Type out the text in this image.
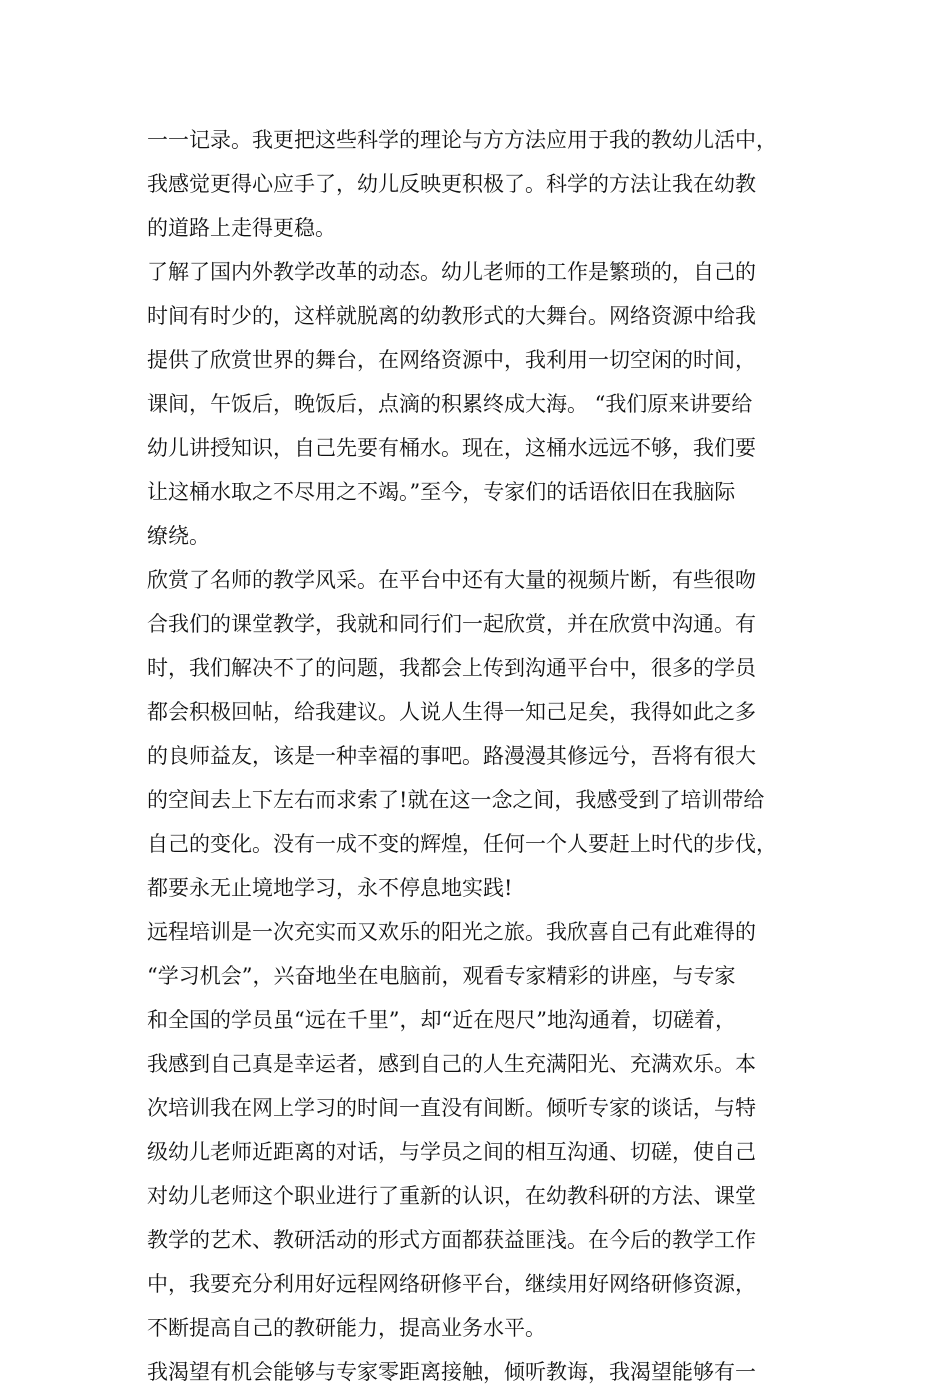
一一记录。我更把这些科学的理论与方方法应用于我的教幼儿活中，
我感觉更得心应手了，幼儿反映更积极了。科学的方法让我在幼教
的道路上走得更稳。
了解了国内外教学改革的动态。幼儿老师的工作是繁琐的，自己的
时间有时少的，这样就脱离的幼教形式的大舞台。网络资源中给我
提供了欣赏世界的舞台，在网络资源中，我利用一切空闲的时间，
课间，午饭后，晚饭后，点滴的积累终成大海。 “我们原来讲要给
幼儿讲授知识，自己先要有桶水。现在，这桶水远远不够，我们要
让这桶水取之不尽用之不竭。”至今，专家们的话语依旧在我脑际
缭绕。
欣赏了名师的教学风采。在平台中还有大量的视频片断，有些很吻
合我们的课堂教学，我就和同行们一起欣赏，并在欣赏中沟通。有
时，我们解决不了的问题，我都会上传到沟通平台中，很多的学员
都会积极回帖，给我建议。人说人生得一知己足矣，我得如此之多
的良师益友，该是一种幸福的事吧。路漫漫其修远兮，吾将有很大
的空间去上下左右而求索了!就在这一念之间，我感受到了培训带给
自己的变化。没有一成不变的辉煌，任何一个人要赶上时代的步伐，
都要永无止境地学习，永不停息地实践!
远程培训是一次充实而又欢乐的阳光之旅。我欣喜自己有此难得的
“学习机会”，兴奋地坐在电脑前，观看专家精彩的讲座，与专家
和全国的学员虽“远在千里”，却“近在咫尺”地沟通着，切磋着，
我感到自己真是幸运者，感到自己的人生充满阳光、充满欢乐。本
次培训我在网上学习的时间一直没有间断。倾听专家的谈话，与特
级幼儿老师近距离的对话，与学员之间的相互沟通、切磋，使自己
对幼儿老师这个职业进行了重新的认识，在幼教科研的方法、课堂
教学的艺术、教研活动的形式方面都获益匪浅。在今后的教学工作
中，我要充分利用好远程网络研修平台，继续用好网络研修资源，
不断提高自己的教研能力，提高业务水平。
我渴望有机会能够与专家零距离接触，倾听教诲，我渴望能够有一
